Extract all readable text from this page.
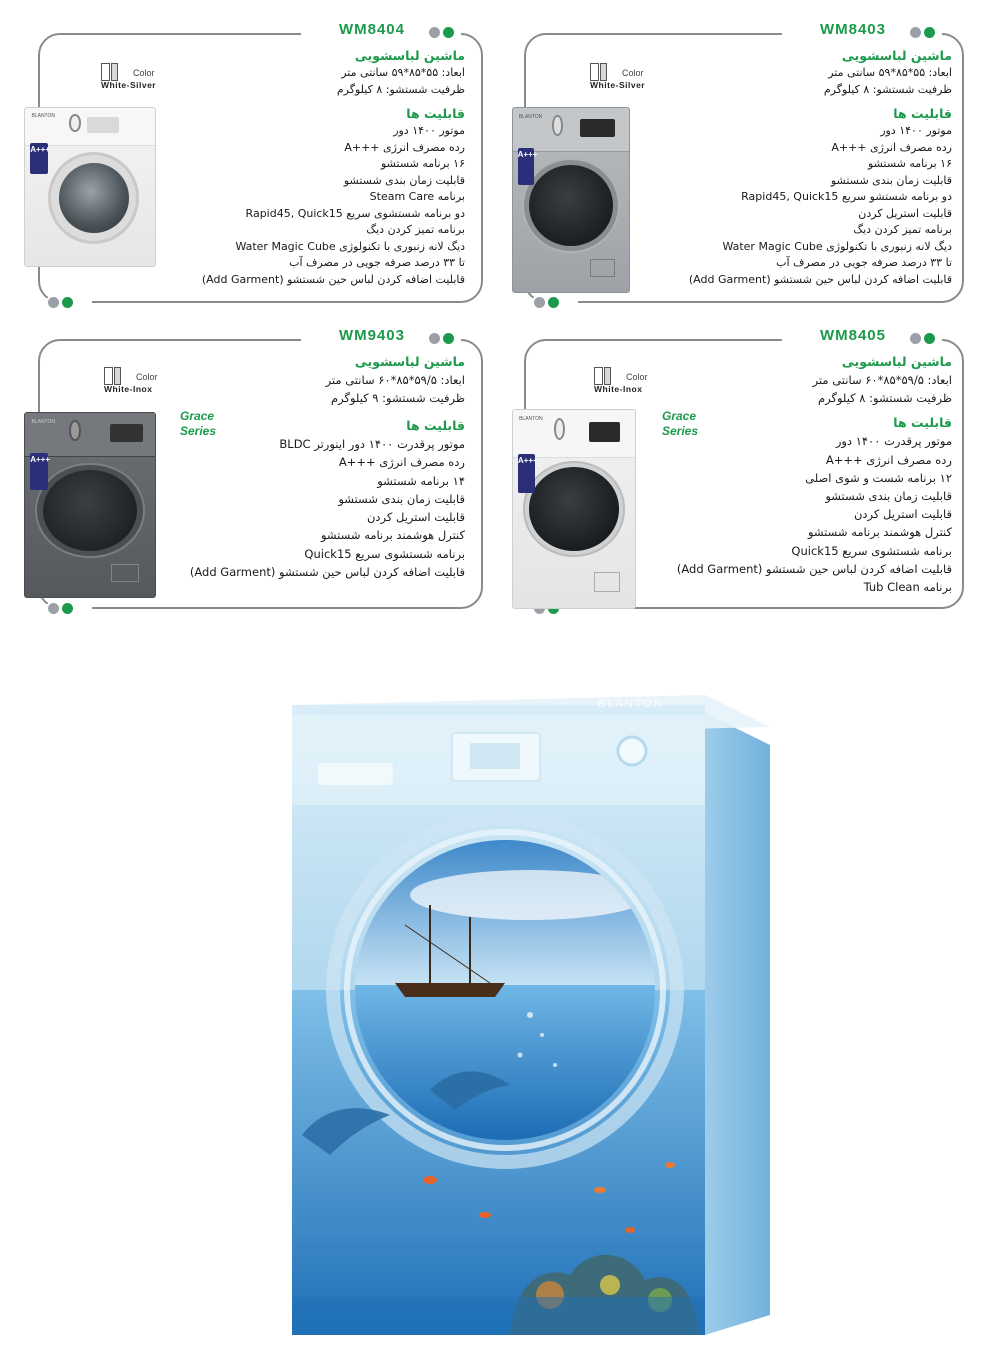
WM8404
Color
White-Silver
BLANTON
A+++
ماشین لباسشویی
ابعاد: ۵۵*۸۵*۵۹ سانتی متر
ظرفیت شستشو: ۸ کیلوگرم
قابلیت ها
موتور ۱۴۰۰ دور
رده مصرف انرژی +++A
۱۶ برنامه شستشو
قابلیت زمان بندی شستشو
برنامه Steam Care
دو برنامه شستشوی سریع Rapid45, Quick15
برنامه تمیز کردن دیگ
دیگ لانه زنبوری با تکنولوژی Water Magic Cube
تا ۳۳ درصد صرفه جویی در مصرف آب
قابلیت اضافه کردن لباس حین شستشو (Add Garment)
WM8403
Color
White-Silver
BLANTON
A+++
ماشین لباسشویی
ابعاد: ۵۵*۸۵*۵۹ سانتی متر
ظرفیت شستشو: ۸ کیلوگرم
قابلیت ها
موتور ۱۴۰۰ دور
رده مصرف انرژی +++A
۱۶ برنامه شستشو
قابلیت زمان بندی شستشو
دو برنامه شستشو سریع Rapid45, Quick15
قابلیت استریل کردن
برنامه تمیز کردن دیگ
دیگ لانه زنبوری با تکنولوژی Water Magic Cube
تا ۳۳ درصد صرفه جویی در مصرف آب
قابلیت اضافه کردن لباس حین شستشو (Add Garment)
WM9403
Color
White-Inox
Grace Series
BLANTON
A+++
ماشین لباسشویی
ابعاد: ۵۹/۵*۸۵*۶۰ سانتی متر
ظرفیت شستشو: ۹ کیلوگرم
قابلیت ها
موتور پرقدرت ۱۴۰۰ دور اینورتر BLDC
رده مصرف انرژی +++A
۱۴ برنامه شستشو
قابلیت زمان بندی شستشو
قابلیت استریل کردن
کنترل هوشمند برنامه شستشو
برنامه شستشوی سریع Quick15
قابلیت اضافه کردن لباس حین شستشو (Add Garment)
WM8405
Color
White-Inox
Grace Series
BLANTON
A+++
ماشین لباسشویی
ابعاد: ۵۹/۵*۸۵*۶۰ سانتی متر
ظرفیت شستشو: ۸ کیلوگرم
قابلیت ها
موتور پرقدرت ۱۴۰۰ دور
رده مصرف انرژی +++A
۱۲ برنامه شست و شوی اصلی
قابلیت زمان بندی شستشو
قابلیت استریل کردن
کنترل هوشمند برنامه شستشو
برنامه شستشوی سریع Quick15
قابلیت اضافه کردن لباس حین شستشو (Add Garment)
برنامه Tub Clean
BLANTON
